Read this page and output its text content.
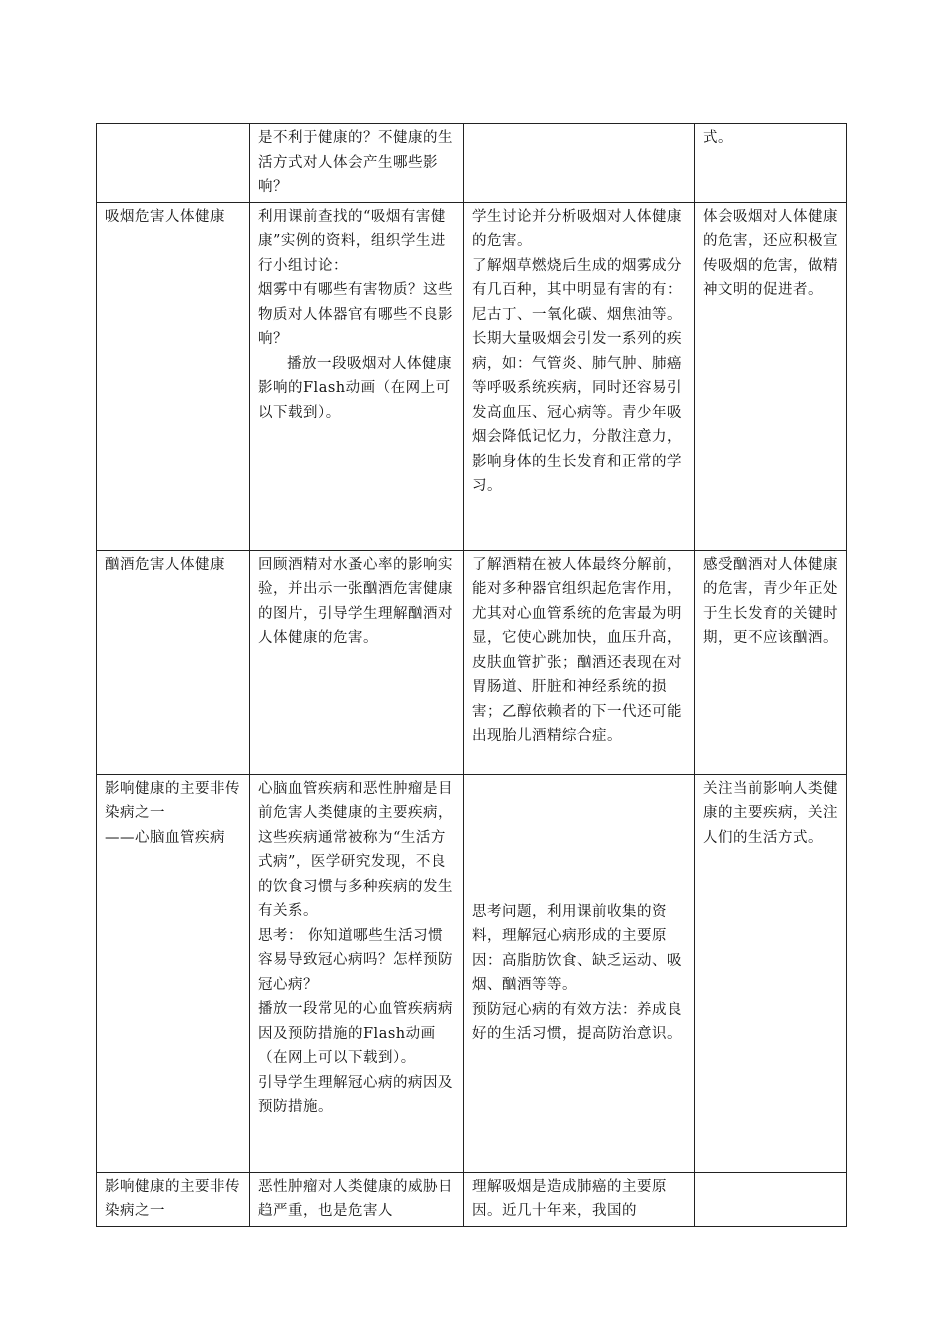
	是不利于健康的？不健康的生活方式对人体会产生哪些影响？		式。

吸烟危害人体健康	利用课前查找的“吸烟有害健康”实例的资料，组织学生进行小组讨论：
烟雾中有哪些有害物质？这些物质对人体器官有哪些不良影响？
播放一段吸烟对人体健康影响的Flash动画（在网上可以下载到）。	学生讨论并分析吸烟对人体健康的危害。
了解烟草燃烧后生成的烟雾成分有几百种，其中明显有害的有：尼古丁、一氧化碳、烟焦油等。
长期大量吸烟会引发一系列的疾病，如：气管炎、肺气肿、肺癌等呼吸系统疾病，同时还容易引发高血压、冠心病等。青少年吸烟会降低记忆力，分散注意力，影响身体的生长发育和正常的学习。	体会吸烟对人体健康的危害，还应积极宣传吸烟的危害，做精神文明的促进者。

酗酒危害人体健康	回顾酒精对水蚤心率的影响实验，并出示一张酗酒危害健康的图片，引导学生理解酗酒对人体健康的危害。	了解酒精在被人体最终分解前，能对多种器官组织起危害作用，尤其对心血管系统的危害最为明显，它使心跳加快，血压升高，皮肤血管扩张；酗酒还表现在对胃肠道、肝脏和神经系统的损害；乙醇依赖者的下一代还可能出现胎儿酒精综合症。	感受酗酒对人体健康的危害，青少年正处于生长发育的关键时期，更不应该酗酒。

影响健康的主要非传染病之一
——心脑血管疾病	心脑血管疾病和恶性肿瘤是目前危害人类健康的主要疾病，这些疾病通常被称为“生活方式病”，医学研究发现，不良的饮食习惯与多种疾病的发生有关系。
思考： 你知道哪些生活习惯容易导致冠心病吗？怎样预防冠心病？
播放一段常见的心血管疾病病因及预防措施的Flash动画（在网上可以下载到）。
引导学生理解冠心病的病因及预防措施。	思考问题，利用课前收集的资料，理解冠心病形成的主要原因：高脂肪饮食、缺乏运动、吸烟、酗酒等等。
预防冠心病的有效方法：养成良好的生活习惯，提高防治意识。	关注当前影响人类健康的主要疾病，关注人们的生活方式。

影响健康的主要非传染病之一	恶性肿瘤对人类健康的威胁日趋严重，也是危害人	理解吸烟是造成肺癌的主要原因。近几十年来，我国的	
